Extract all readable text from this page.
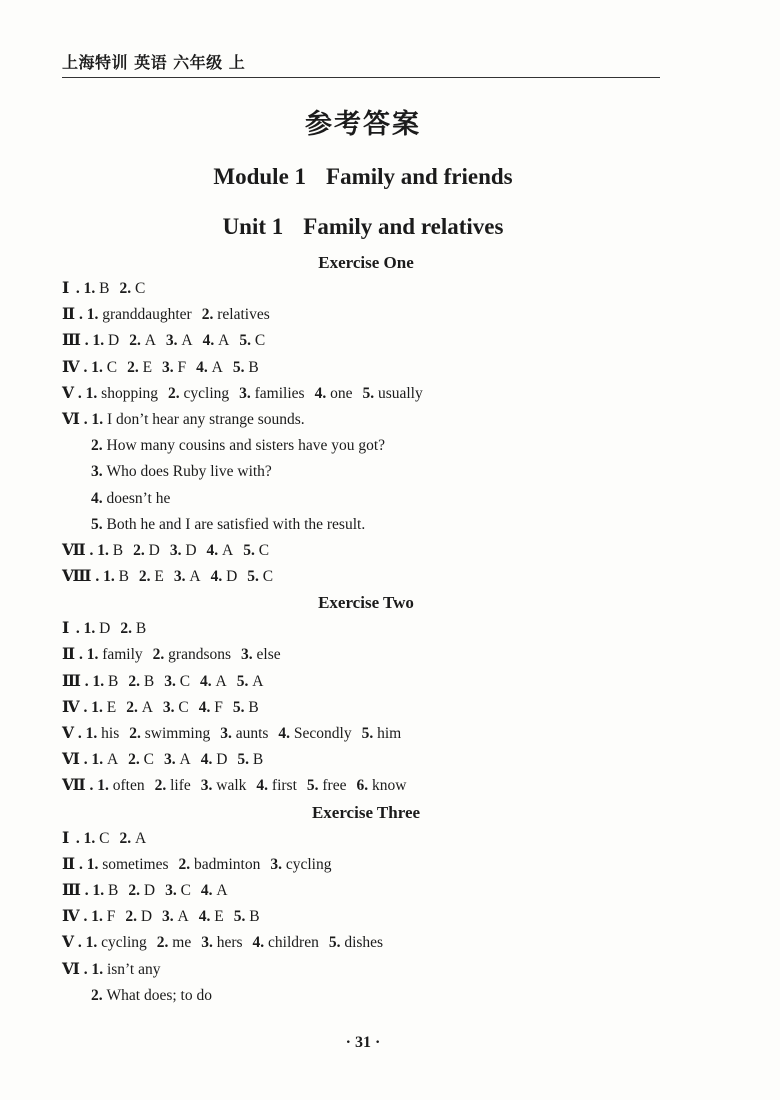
上海特训 英语 六年级 上
参考答案
Module 1 Family and friends
Unit 1 Family and relatives
Exercise One
Ⅰ . 1. B 2. C
Ⅱ . 1. granddaughter 2. relatives
Ⅲ . 1. D 2. A 3. A 4. A 5. C
Ⅳ . 1. C 2. E 3. F 4. A 5. B
Ⅴ . 1. shopping 2. cycling 3. families 4. one 5. usually
Ⅵ . 1. I don’t hear any strange sounds.
2. How many cousins and sisters have you got?
3. Who does Ruby live with?
4. doesn’t he
5. Both he and I are satisfied with the result.
Ⅶ . 1. B 2. D 3. D 4. A 5. C
Ⅷ . 1. B 2. E 3. A 4. D 5. C
Exercise Two
Ⅰ . 1. D 2. B
Ⅱ . 1. family 2. grandsons 3. else
Ⅲ . 1. B 2. B 3. C 4. A 5. A
Ⅳ . 1. E 2. A 3. C 4. F 5. B
Ⅴ . 1. his 2. swimming 3. aunts 4. Secondly 5. him
Ⅵ . 1. A 2. C 3. A 4. D 5. B
Ⅶ . 1. often 2. life 3. walk 4. first 5. free 6. know
Exercise Three
Ⅰ . 1. C 2. A
Ⅱ . 1. sometimes 2. badminton 3. cycling
Ⅲ . 1. B 2. D 3. C 4. A
Ⅳ . 1. F 2. D 3. A 4. E 5. B
Ⅴ . 1. cycling 2. me 3. hers 4. children 5. dishes
Ⅵ . 1. isn’t any
2. What does; to do
· 31 ·
